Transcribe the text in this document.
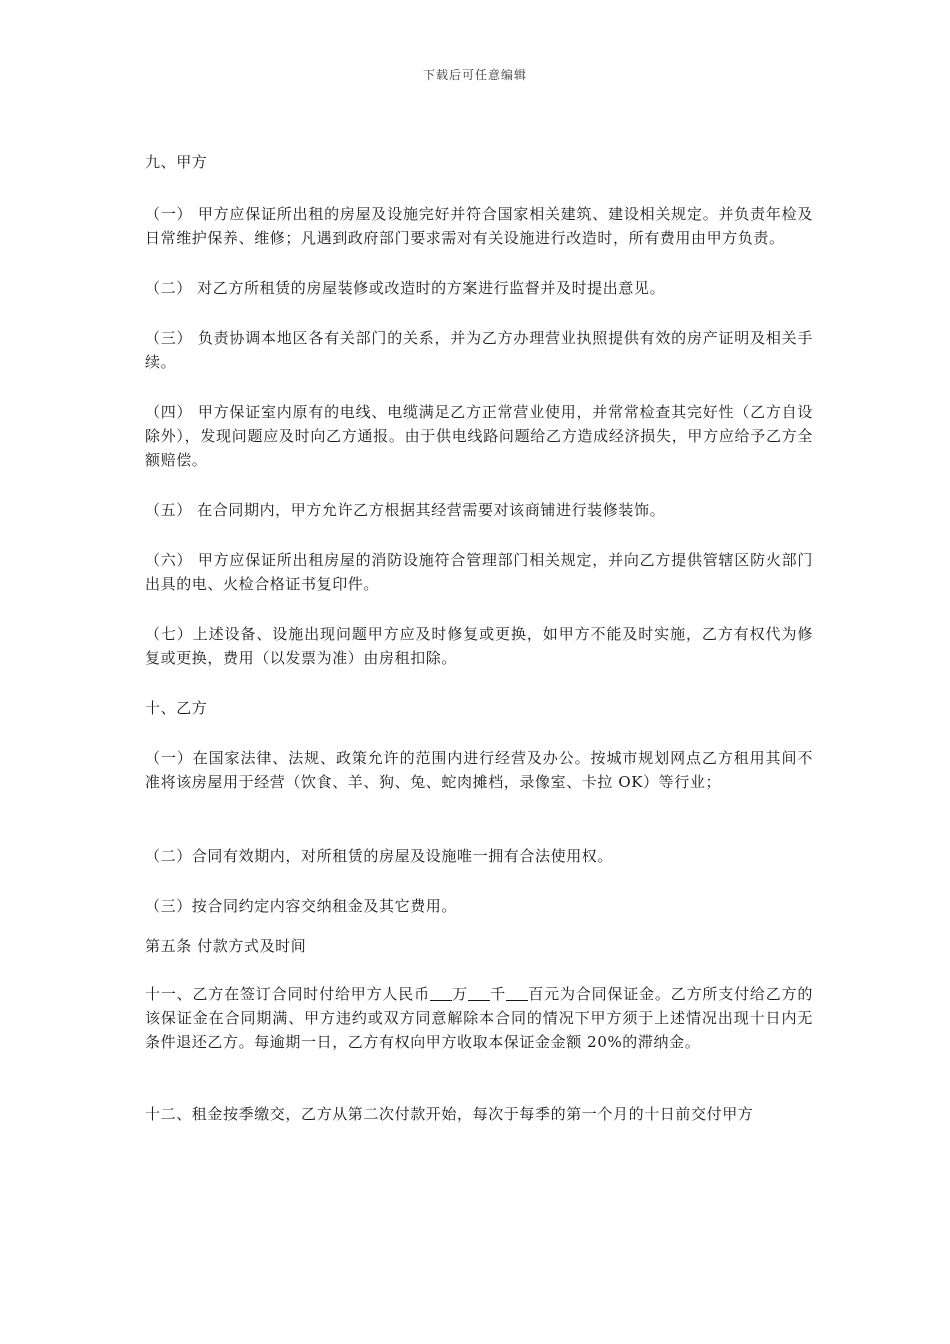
下载后可任意编辑

九、甲方

（一） 甲方应保证所出租的房屋及设施完好并符合国家相关建筑、建设相关规定。并负责年检及日常维护保养、维修；凡遇到政府部门要求需对有关设施进行改造时，所有费用由甲方负责。

（二） 对乙方所租赁的房屋装修或改造时的方案进行监督并及时提出意见。

（三） 负责协调本地区各有关部门的关系，并为乙方办理营业执照提供有效的房产证明及相关手续。

（四） 甲方保证室内原有的电线、电缆满足乙方正常营业使用，并常常检查其完好性（乙方自设除外），发现问题应及时向乙方通报。由于供电线路问题给乙方造成经济损失，甲方应给予乙方全额赔偿。

（五） 在合同期内，甲方允许乙方根据其经营需要对该商铺进行装修装饰。

（六） 甲方应保证所出租房屋的消防设施符合管理部门相关规定，并向乙方提供管辖区防火部门出具的电、火检合格证书复印件。

（七）上述设备、设施出现问题甲方应及时修复或更换，如甲方不能及时实施，乙方有权代为修复或更换，费用（以发票为准）由房租扣除。

十、乙方

（一）在国家法律、法规、政策允许的范围内进行经营及办公。按城市规划网点乙方租用其间不准将该房屋用于经营（饮食、羊、狗、兔、蛇肉摊档，录像室、卡拉 OK）等行业；

（二）合同有效期内，对所租赁的房屋及设施唯一拥有合法使用权。

（三）按合同约定内容交纳租金及其它费用。

第五条 付款方式及时间

十一、乙方在签订合同时付给甲方人民币 万 千 百元为合同保证金。乙方所支付给乙方的该保证金在合同期满、甲方违约或双方同意解除本合同的情况下甲方须于上述情况出现十日内无条件退还乙方。每逾期一日，乙方有权向甲方收取本保证金金额 20%的滞纳金。

十二、租金按季缴交，乙方从第二次付款开始，每次于每季的第一个月的十日前交付甲方
